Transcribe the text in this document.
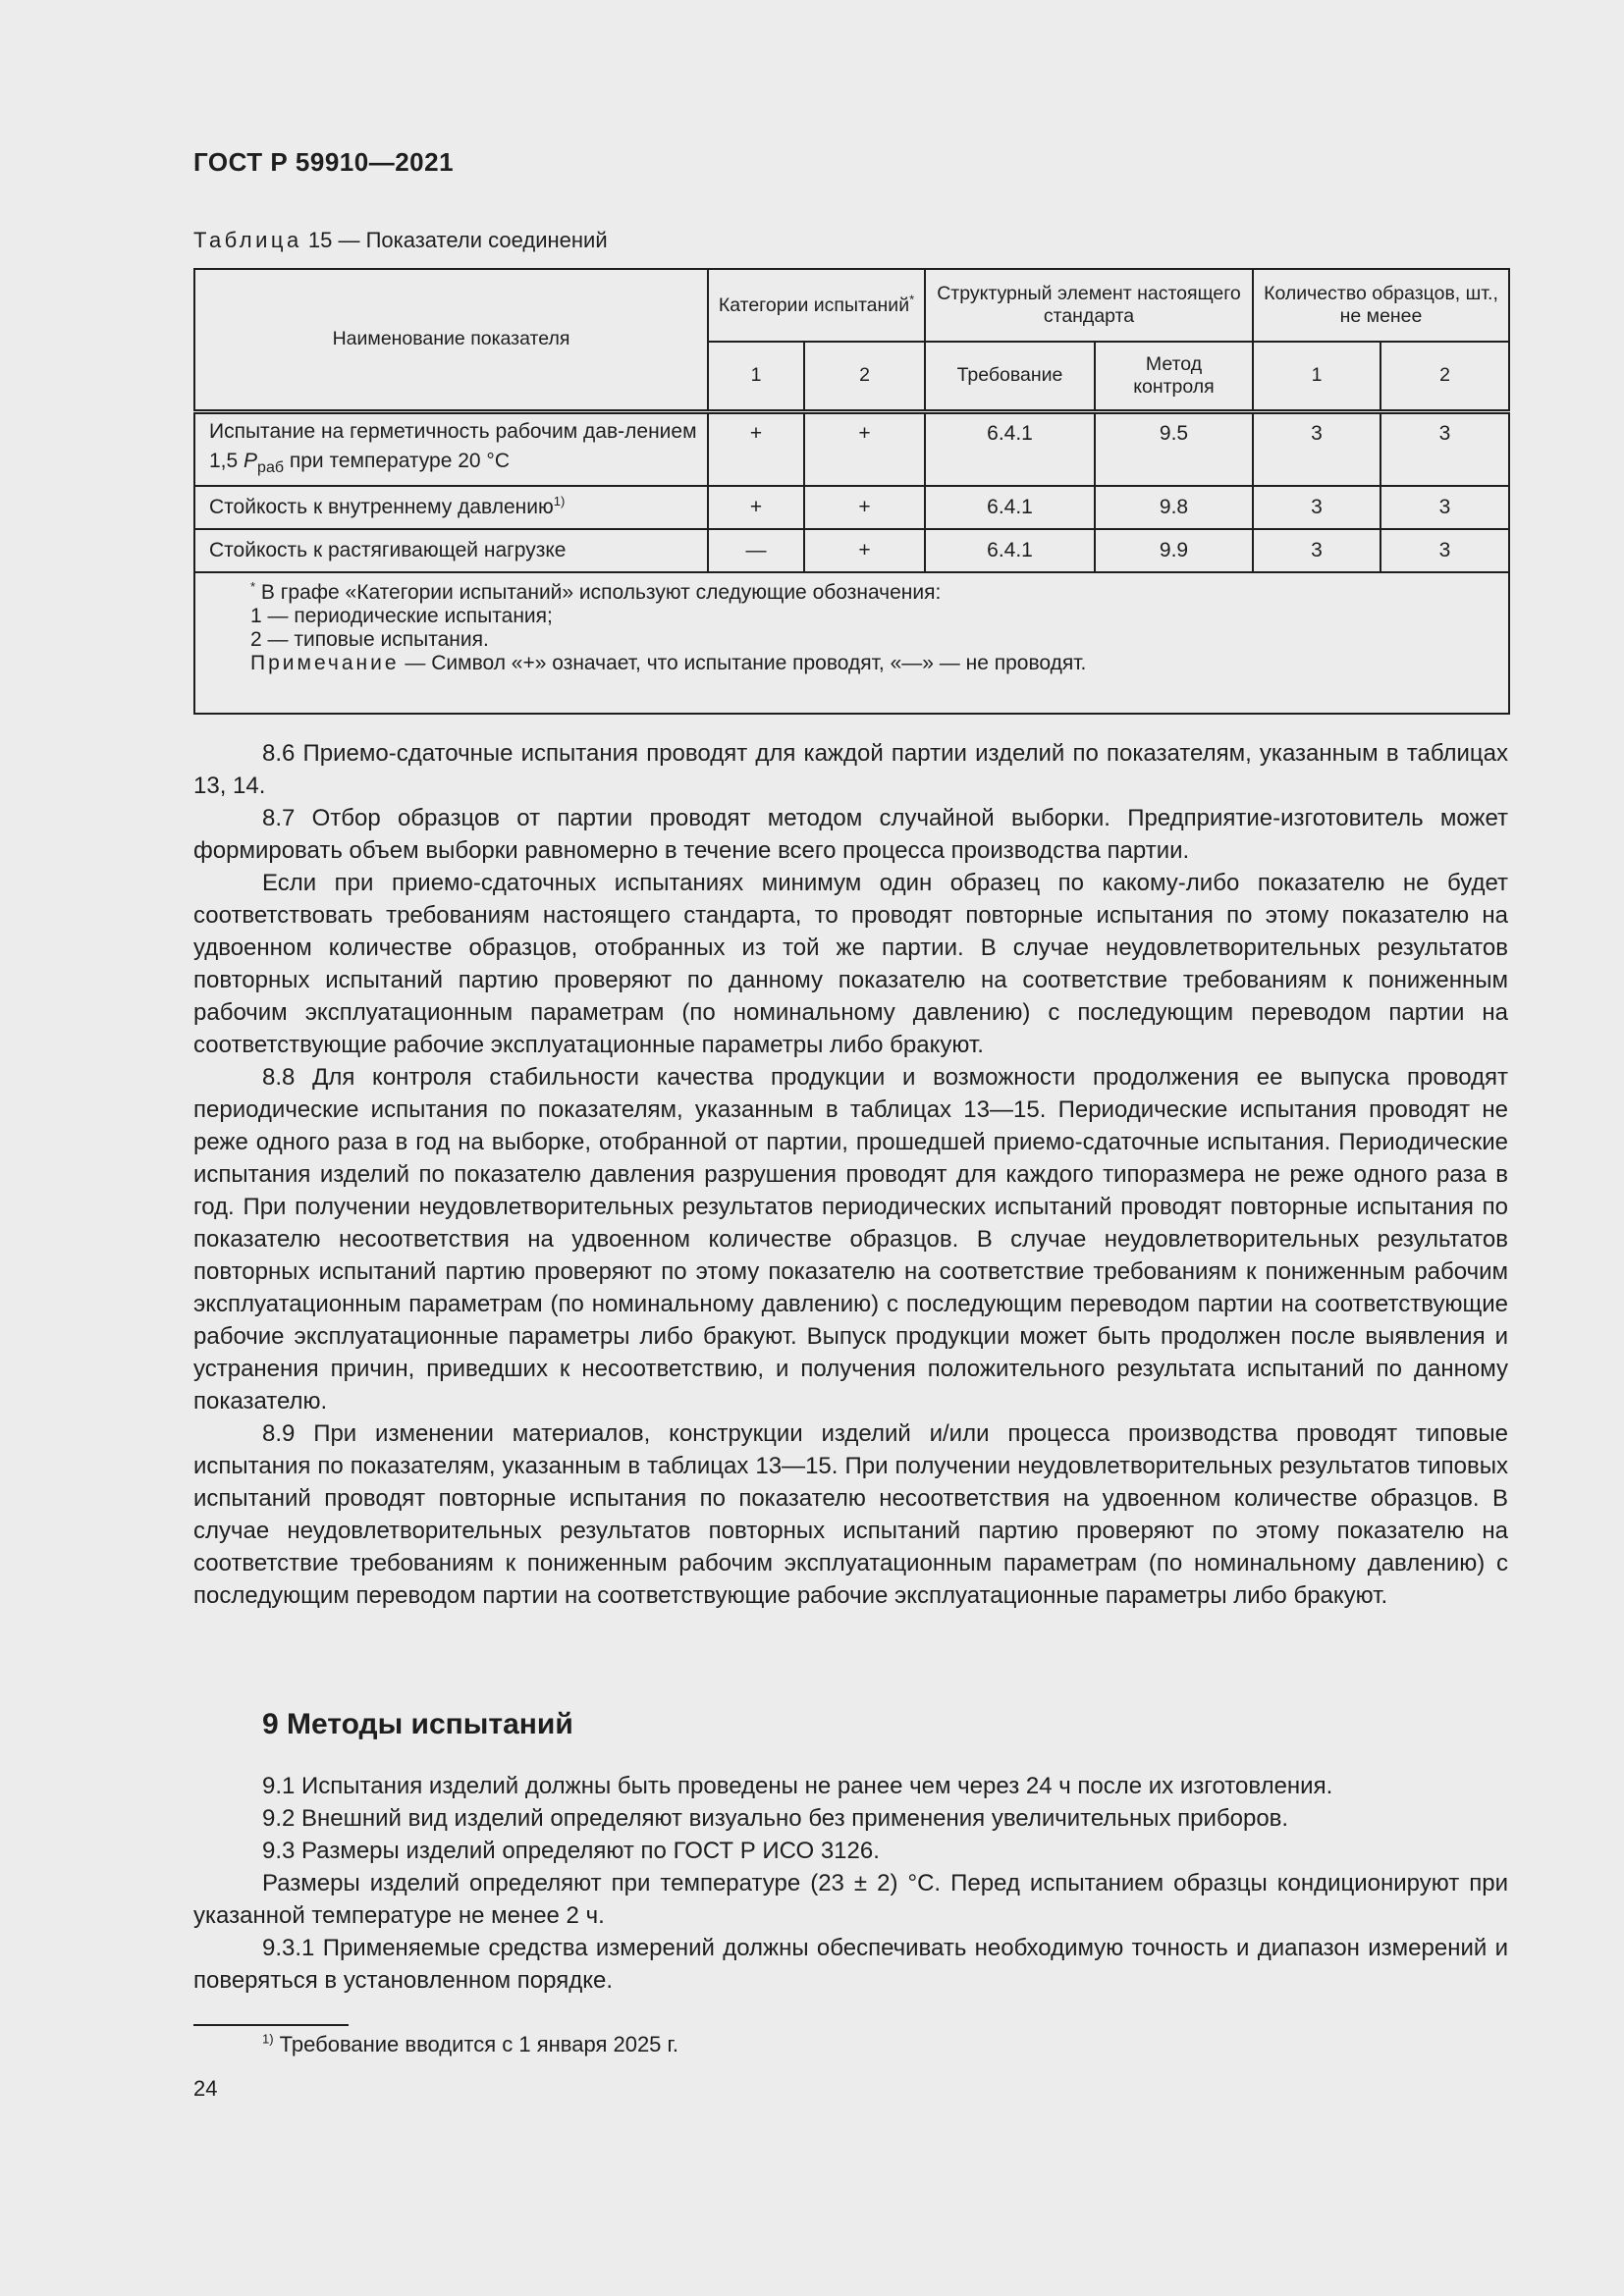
ГОСТ Р 59910—2021
Таблица 15 — Показатели соединений
Наименование показателя	Категории испытаний*		Структурный элемент настоящего стандарта		Количество образцов, шт., не менее	
	1	2	Требование	Метод контроля	1	2
Испытание на герметичность рабочим дав-лением 1,5 $P_{раб}$ при температуре 20 °С	+	+	6.4.1	9.5	3	3
Стойкость к внутреннему давлению$^{1)}$	+	+	6.4.1	9.8	3	3
Стойкость к растягивающей нагрузке	—	+	6.4.1	9.9	3	3

* В графе «Категории испытаний» используют следующие обозначения:
1 — периодические испытания;
2 — типовые испытания.
Примечание — Символ «+» означает, что испытание проводят, «—» — не проводят.						

8.6 Приемо-сдаточные испытания проводят для каждой партии изделий по показателям, указанным в таблицах 13, 14.

8.7 Отбор образцов от партии проводят методом случайной выборки. Предприятие-изготовитель может формировать объем выборки равномерно в течение всего процесса производства партии.

Если при приемо-сдаточных испытаниях минимум один образец по какому-либо показателю не будет соответствовать требованиям настоящего стандарта, то проводят повторные испытания по этому показателю на удвоенном количестве образцов, отобранных из той же партии. В случае неудовлетворительных результатов повторных испытаний партию проверяют по данному показателю на соответствие требованиям к пониженным рабочим эксплуатационным параметрам (по номинальному давлению) с последующим переводом партии на соответствующие рабочие эксплуатационные параметры либо бракуют.

8.8 Для контроля стабильности качества продукции и возможности продолжения ее выпуска проводят периодические испытания по показателям, указанным в таблицах 13—15. Периодические испытания проводят не реже одного раза в год на выборке, отобранной от партии, прошедшей приемо-сдаточные испытания. Периодические испытания изделий по показателю давления разрушения проводят для каждого типоразмера не реже одного раза в год. При получении неудовлетворительных результатов периодических испытаний проводят повторные испытания по показателю несоответствия на удвоенном количестве образцов. В случае неудовлетворительных результатов повторных испытаний партию проверяют по этому показателю на соответствие требованиям к пониженным рабочим эксплуатационным параметрам (по номинальному давлению) с последующим переводом партии на соответствующие рабочие эксплуатационные параметры либо бракуют. Выпуск продукции может быть продолжен после выявления и устранения причин, приведших к несоответствию, и получения положительного результата испытаний по данному показателю.

8.9 При изменении материалов, конструкции изделий и/или процесса производства проводят типовые испытания по показателям, указанным в таблицах 13—15. При получении неудовлетворительных результатов типовых испытаний проводят повторные испытания по показателю несоответствия на удвоенном количестве образцов. В случае неудовлетворительных результатов повторных испытаний партию проверяют по этому показателю на соответствие требованиям к пониженным рабочим эксплуатационным параметрам (по номинальному давлению) с последующим переводом партии на соответствующие рабочие эксплуатационные параметры либо бракуют.

9 Методы испытаний

9.1 Испытания изделий должны быть проведены не ранее чем через 24 ч после их изготовления.

9.2 Внешний вид изделий определяют визуально без применения увеличительных приборов.

9.3 Размеры изделий определяют по ГОСТ Р ИСО 3126.

Размеры изделий определяют при температуре (23 ± 2) °С. Перед испытанием образцы кондиционируют при указанной температуре не менее 2 ч.

9.3.1 Применяемые средства измерений должны обеспечивать необходимую точность и диапазон измерений и поверяться в установленном порядке.

$^{1)}$ Требование вводится с 1 января 2025 г.
24
